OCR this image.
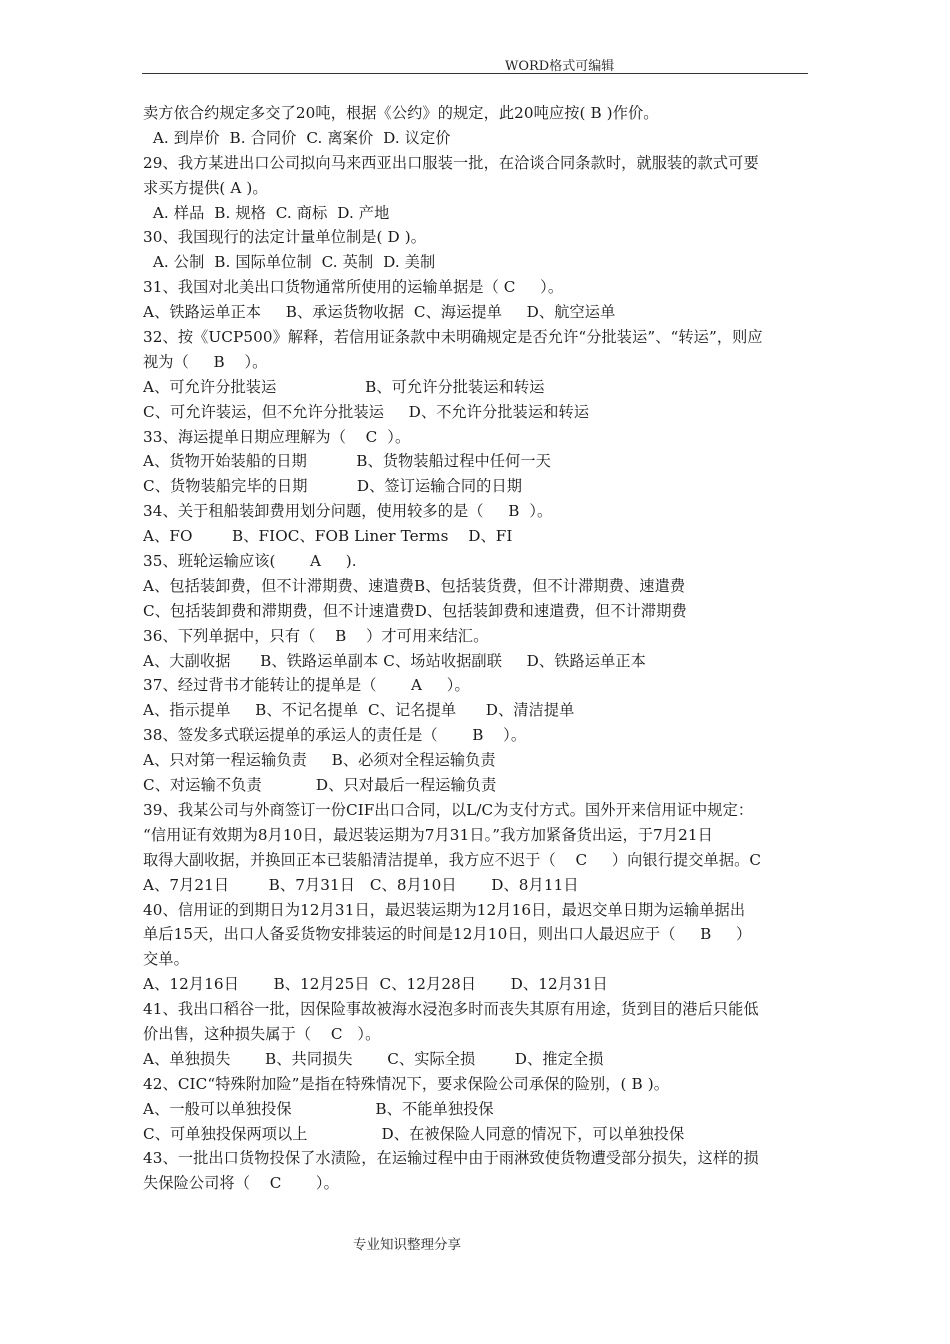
WORD格式可编辑
卖方依合约规定多交了20吨，根据《公约》的规定，此20吨应按( B )作价。
A. 到岸价  B. 合同价  C. 离案价  D. 议定价
29、我方某进出口公司拟向马来西亚出口服装一批，在洽谈合同条款时，就服装的款式可要
求买方提供( A )。
A. 样品  B. 规格  C. 商标  D. 产地
30、我国现行的法定计量单位制是( D )。
A. 公制  B. 国际单位制  C. 英制  D. 美制
31、我国对北美出口货物通常所使用的运输单据是（ C     ）。
A、铁路运单正本     B、承运货物收据  C、海运提单     D、航空运单
32、按《UCP500》解释，若信用证条款中未明确规定是否允许“分批装运”、“转运”，则应
视为（     B    ）。
A、可允许分批装运                  B、可允许分批装运和转运
C、可允许装运，但不允许分批装运     D、不允许分批装运和转运
33、海运提单日期应理解为（    C  ）。
A、货物开始装船的日期          B、货物装船过程中任何一天
C、货物装船完毕的日期          D、签订运输合同的日期
34、关于租船装卸费用划分问题，使用较多的是（     B  ）。
A、FO        B、FIOC、FOB Liner Terms    D、FI
35、班轮运输应该(       A     ).
A、包括装卸费，但不计滞期费、速遣费B、包括装货费，但不计滞期费、速遣费
C、包括装卸费和滞期费，但不计速遣费D、包括装卸费和速遣费，但不计滞期费
36、下列单据中，只有（    B    ）才可用来结汇。
A、大副收据      B、铁路运单副本 C、场站收据副联     D、铁路运单正本
37、经过背书才能转让的提单是（       A     ）。
A、指示提单     B、不记名提单  C、记名提单      D、清洁提单
38、签发多式联运提单的承运人的责任是（       B    ）。
A、只对第一程运输负责     B、必须对全程运输负责
C、对运输不负责           D、只对最后一程运输负责
39、我某公司与外商签订一份CIF出口合同，以L/C为支付方式。国外开来信用证中规定：
“信用证有效期为8月10日，最迟装运期为7月31日。”我方加紧备货出运，于7月21日
取得大副收据，并换回正本已装船清洁提单，我方应不迟于（    C     ）向银行提交单据。C
A、7月21日        B、7月31日   C、8月10日       D、8月11日
40、信用证的到期日为12月31日，最迟装运期为12月16日，最迟交单日期为运输单据出
单后15天，出口人备妥货物安排装运的时间是12月10日，则出口人最迟应于（     B     ）
交单。
A、12月16日       B、12月25日  C、12月28日       D、12月31日
41、我出口稻谷一批，因保险事故被海水浸泡多时而丧失其原有用途，货到目的港后只能低
价出售，这种损失属于（    C   ）。
A、单独损失       B、共同损失       C、实际全损        D、推定全损
42、CIC“特殊附加险”是指在特殊情况下，要求保险公司承保的险别，( B )。
A、一般可以单独投保                 B、不能单独投保
C、可单独投保两项以上               D、在被保险人同意的情况下，可以单独投保
43、一批出口货物投保了水渍险，在运输过程中由于雨淋致使货物遭受部分损失，这样的损
失保险公司将（    C       ）。
专业知识整理分享
